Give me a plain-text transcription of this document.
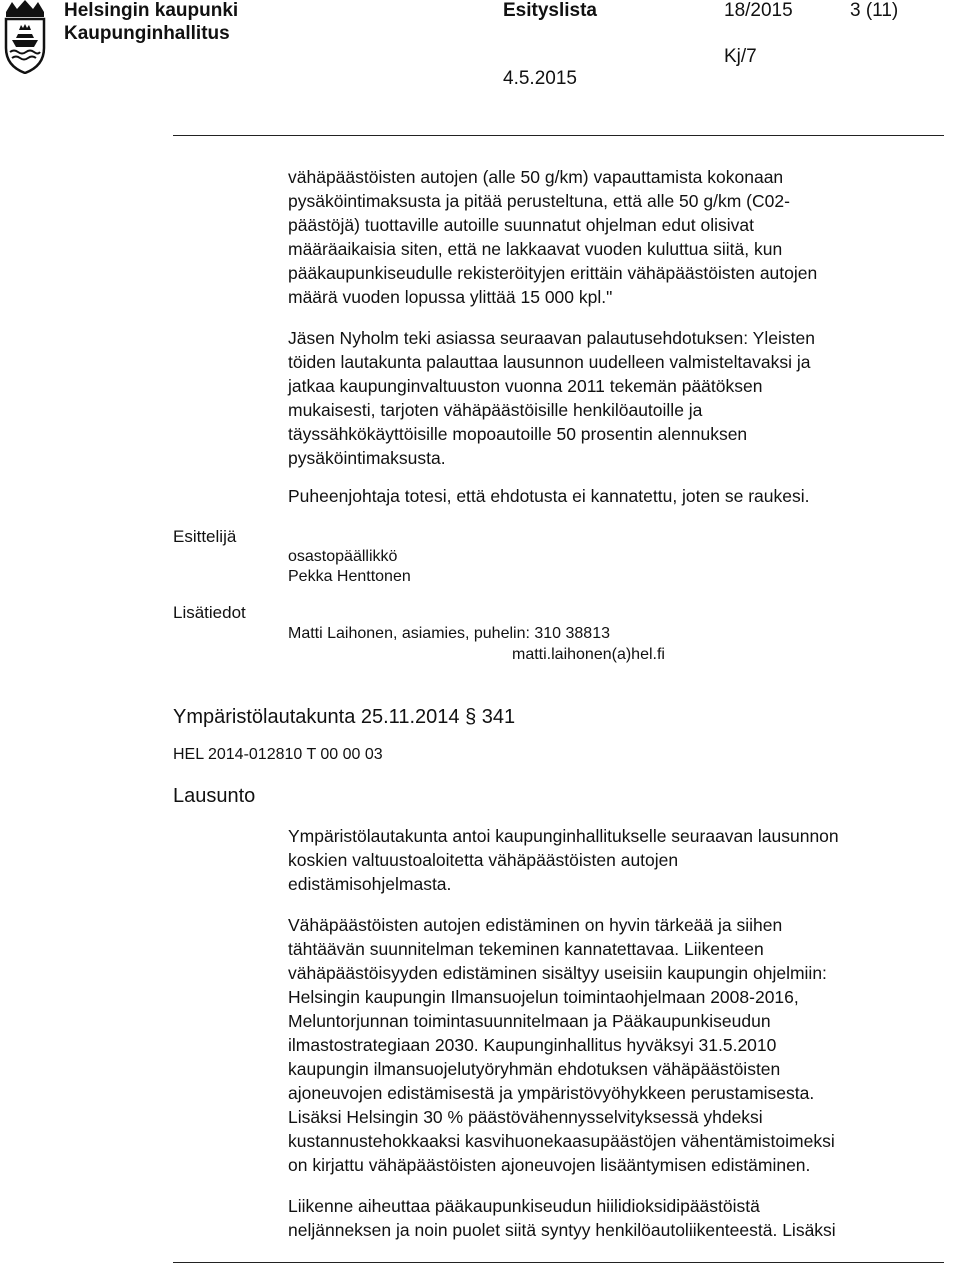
Helsingin kaupunki
Kaupunginhallitus
Esityslista	18/2015	3 (11)
Kj/7
4.5.2015
vähäpäästöisten autojen (alle 50 g/km) vapauttamista kokonaan
pysäköintimaksusta ja pitää perusteltuna, että alle 50 g/km (C02-
päästöjä) tuottaville autoille suunnatut ohjelman edut olisivat
määräaikaisia siten, että ne lakkaavat vuoden kuluttua siitä, kun
pääkaupunkiseudulle rekisteröityjen erittäin vähäpäästöisten autojen
määrä vuoden lopussa ylittää 15 000 kpl."
Jäsen Nyholm teki asiassa seuraavan palautusehdotuksen: Yleisten
töiden lautakunta palauttaa lausunnon uudelleen valmisteltavaksi ja
jatkaa kaupunginvaltuuston vuonna 2011 tekemän päätöksen
mukaisesti, tarjoten vähäpäästöisille henkilöautoille ja
täyssähkökäyttöisille mopoautoille 50 prosentin alennuksen
pysäköintimaksusta.
Puheenjohtaja totesi, että ehdotusta ei kannatettu, joten se raukesi.
Esittelijä
osastopäällikkö
Pekka Henttonen
Lisätiedot
Matti Laihonen, asiamies, puhelin: 310 38813
matti.laihonen(a)hel.fi
Ympäristölautakunta 25.11.2014 § 341
HEL 2014-012810 T 00 00 03
Lausunto
Ympäristölautakunta antoi kaupunginhallitukselle seuraavan lausunnon
koskien valtuustoaloitetta vähäpäästöisten autojen
edistämisohjelmasta.
Vähäpäästöisten autojen edistäminen on hyvin tärkeää ja siihen
tähtäävän suunnitelman tekeminen kannatettavaa. Liikenteen
vähäpäästöisyyden edistäminen sisältyy useisiin kaupungin ohjelmiin:
Helsingin kaupungin Ilmansuojelun toimintaohjelmaan 2008-2016,
Meluntorjunnan toimintasuunnitelmaan ja Pääkaupunkiseudun
ilmastostrategiaan 2030. Kaupunginhallitus hyväksyi 31.5.2010
kaupungin ilmansuojelutyöryhmän ehdotuksen vähäpäästöisten
ajoneuvojen edistämisestä ja ympäristövyöhykkeen perustamisesta.
Lisäksi Helsingin 30 % päästövähennysselvityksessä yhdeksi
kustannustehokkaaksi kasvihuonekaasupäästöjen vähentämistoimeksi
on kirjattu vähäpäästöisten ajoneuvojen lisääntymisen edistäminen.
Liikenne aiheuttaa pääkaupunkiseudun hiilidioksidipäästöistä
neljänneksen ja noin puolet siitä syntyy henkilöautoliikenteestä. Lisäksi
